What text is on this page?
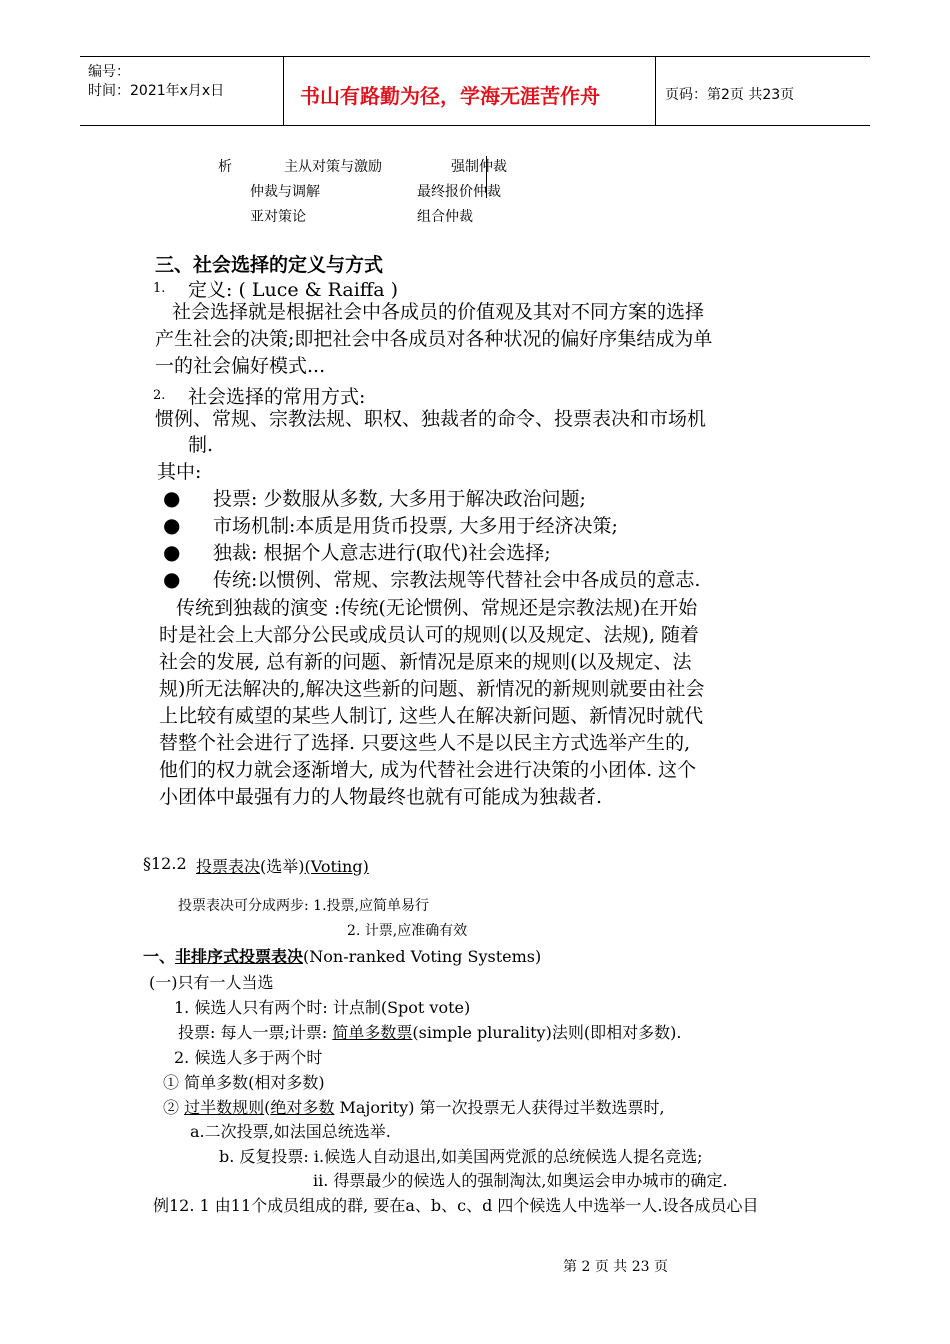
编号：
时间：2021年x月x日	书山有路勤为径，学海无涯苦作舟	页码：第2页 共23页
析	主从对策与激励	强制仲裁
仲裁与调解	最终报价仲裁
亚对策论	组合仲裁
三、社会选择的定义与方式
1. 定义: ( Luce & Raiffa )
社会选择就是根据社会中各成员的价值观及其对不同方案的选择
产生社会的决策;即把社会中各成员对各种状况的偏好序集结成为单
一的社会偏好模式...
2. 社会选择的常用方式:
惯例、常规、宗教法规、职权、独裁者的命令、投票表决和市场机
制.
其中:
● 投票: 少数服从多数, 大多用于解决政治问题;
● 市场机制:本质是用货币投票, 大多用于经济决策;
● 独裁: 根据个人意志进行(取代)社会选择;
● 传统:以惯例、常规、宗教法规等代替社会中各成员的意志.
传统到独裁的演变 :传统(无论惯例、常规还是宗教法规)在开始
时是社会上大部分公民或成员认可的规则(以及规定、法规), 随着
社会的发展, 总有新的问题、新情况是原来的规则(以及规定、法
规)所无法解决的,解决这些新的问题、新情况的新规则就要由社会
上比较有威望的某些人制订, 这些人在解决新问题、新情况时就代
替整个社会进行了选择. 只要这些人不是以民主方式选举产生的,
他们的权力就会逐渐增大, 成为代替社会进行决策的小团体. 这个
小团体中最强有力的人物最终也就有可能成为独裁者.
§12.2 投票表决(选举)(Voting)
投票表决可分成两步: 1.投票,应简单易行
2. 计票,应准确有效
一、非排序式投票表决(Non-ranked Voting Systems)
(一)只有一人当选
1. 候选人只有两个时: 计点制(Spot vote)
投票: 每人一票;计票: 简单多数票(simple plurality)法则(即相对多数).
2. 候选人多于两个时
① 简单多数(相对多数)
② 过半数规则(绝对多数 Majority) 第一次投票无人获得过半数选票时,
a.二次投票,如法国总统选举.
b. 反复投票: i.候选人自动退出,如美国两党派的总统候选人提名竞选;
ii. 得票最少的候选人的强制淘汰,如奥运会申办城市的确定.
例12. 1 由11个成员组成的群, 要在a、b、c、d 四个候选人中选举一人.设各成员心目
第 2 页 共 23 页
